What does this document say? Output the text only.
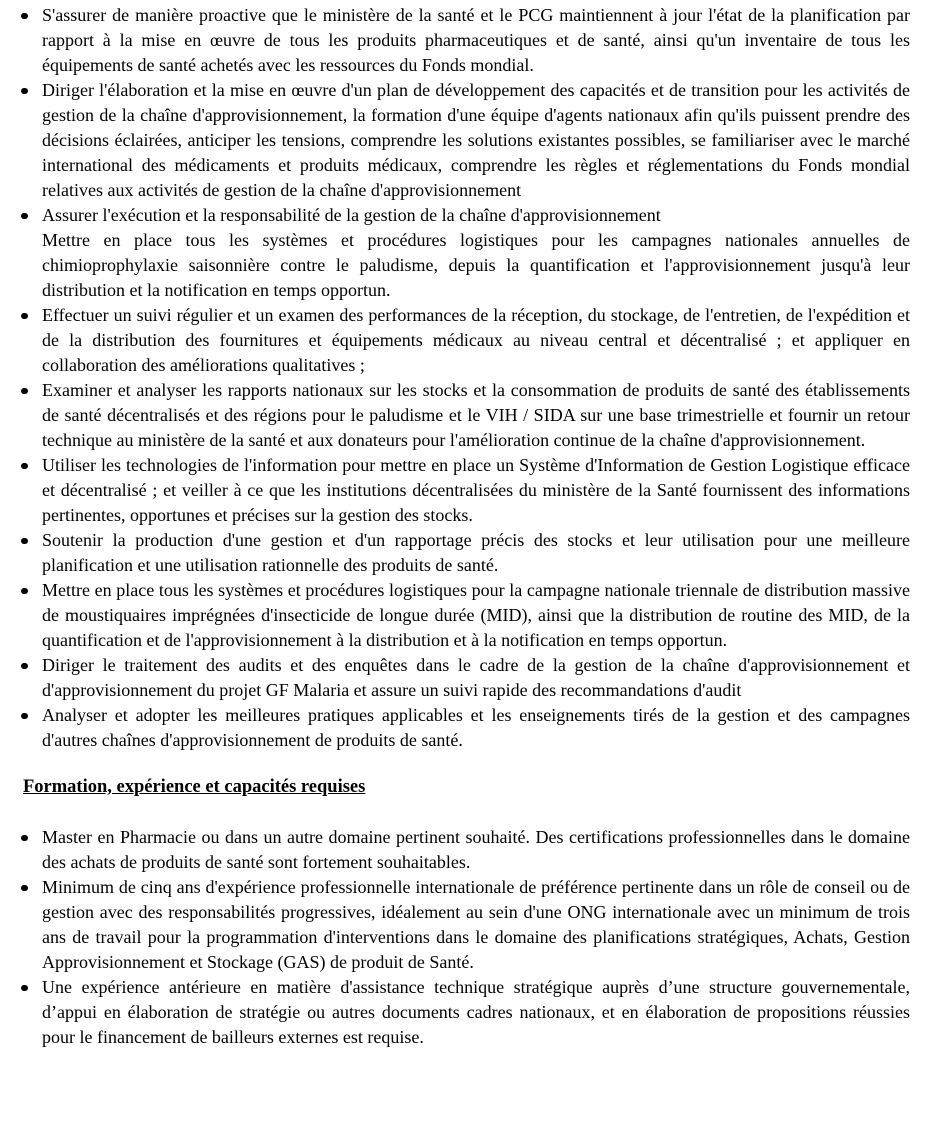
S'assurer de manière proactive que le ministère de la santé et le PCG maintiennent à jour l'état de la planification par rapport à la mise en œuvre de tous les produits pharmaceutiques et de santé, ainsi qu'un inventaire de tous les équipements de santé achetés avec les ressources du Fonds mondial.
Diriger l'élaboration et la mise en œuvre d'un plan de développement des capacités et de transition pour les activités de gestion de la chaîne d'approvisionnement, la formation d'une équipe d'agents nationaux afin qu'ils puissent prendre des décisions éclairées, anticiper les tensions, comprendre les solutions existantes possibles, se familiariser avec le marché international des médicaments et produits médicaux, comprendre les règles et réglementations du Fonds mondial relatives aux activités de gestion de la chaîne d'approvisionnement
Assurer l'exécution et la responsabilité de la gestion de la chaîne d'approvisionnement
Mettre en place tous les systèmes et procédures logistiques pour les campagnes nationales annuelles de chimioprophylaxie saisonnière contre le paludisme, depuis la quantification et l'approvisionnement jusqu'à leur distribution et la notification en temps opportun.
Effectuer un suivi régulier et un examen des performances de la réception, du stockage, de l'entretien, de l'expédition et de la distribution des fournitures et équipements médicaux au niveau central et décentralisé ; et appliquer en collaboration des améliorations qualitatives ;
Examiner et analyser les rapports nationaux sur les stocks et la consommation de produits de santé des établissements de santé décentralisés et des régions pour le paludisme et le VIH / SIDA sur une base trimestrielle et fournir un retour technique au ministère de la santé et aux donateurs pour l'amélioration continue de la chaîne d'approvisionnement.
Utiliser les technologies de l'information pour mettre en place un Système d'Information de Gestion Logistique efficace et décentralisé ; et veiller à ce que les institutions décentralisées du ministère de la Santé fournissent des informations pertinentes, opportunes et précises sur la gestion des stocks.
Soutenir la production d'une gestion et d'un rapportage précis des stocks et leur utilisation pour une meilleure planification et une utilisation rationnelle des produits de santé.
Mettre en place tous les systèmes et procédures logistiques pour la campagne nationale triennale de distribution massive de moustiquaires imprégnées d'insecticide de longue durée (MID), ainsi que la distribution de routine des MID, de la quantification et de l'approvisionnement à la distribution et à la notification en temps opportun.
Diriger le traitement des audits et des enquêtes dans le cadre de la gestion de la chaîne d'approvisionnement et d'approvisionnement du projet GF Malaria et assure un suivi rapide des recommandations d'audit
Analyser et adopter les meilleures pratiques applicables et les enseignements tirés de la gestion et des campagnes d'autres chaînes d'approvisionnement de produits de santé.
Formation, expérience et capacités requises
Master en Pharmacie ou dans un autre domaine pertinent souhaité. Des certifications professionnelles dans le domaine des achats de produits de santé sont fortement souhaitables.
Minimum de cinq ans d'expérience professionnelle internationale de préférence pertinente dans un rôle de conseil ou de gestion avec des responsabilités progressives, idéalement au sein d'une ONG internationale avec un minimum de trois ans de travail pour la programmation d'interventions dans le domaine des planifications stratégiques, Achats, Gestion Approvisionnement et Stockage (GAS) de produit de Santé.
Une expérience antérieure en matière d'assistance technique stratégique auprès d’une structure gouvernementale, d’appui en élaboration de stratégie ou autres documents cadres nationaux, et en élaboration de propositions réussies pour le financement de bailleurs externes est requise.
